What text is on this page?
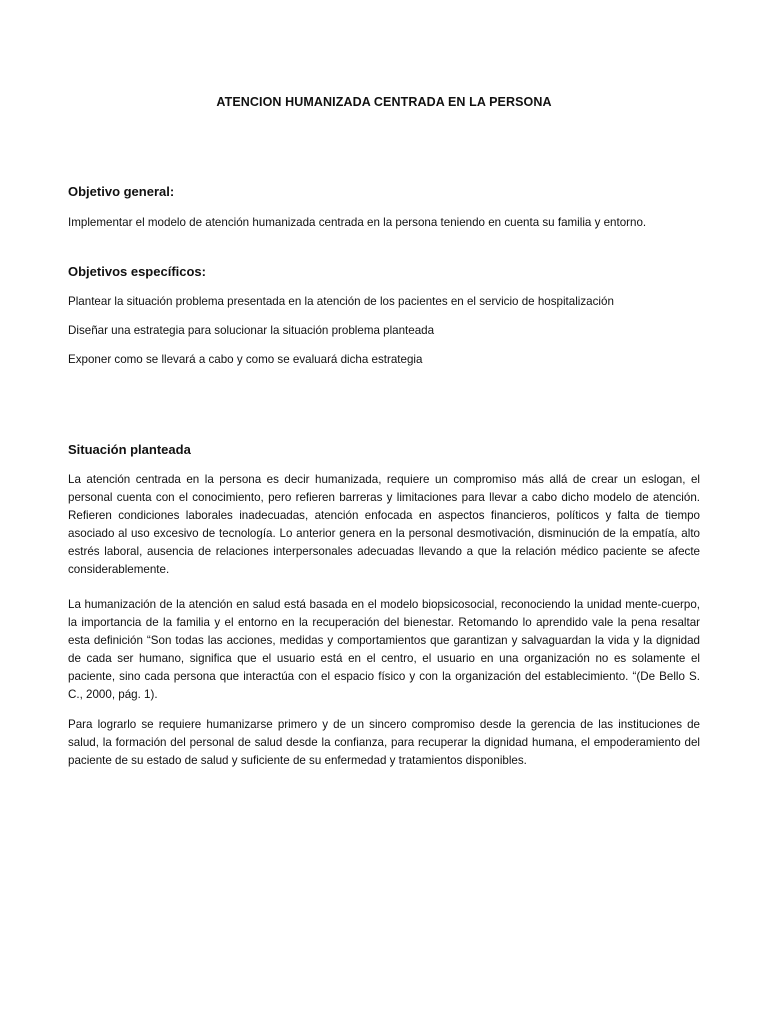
ATENCION HUMANIZADA CENTRADA EN LA PERSONA

Objetivo general:

Implementar el modelo de atención humanizada centrada en la persona teniendo en cuenta su familia y entorno.

Objetivos específicos:

Plantear la situación problema presentada en la atención de los pacientes en el servicio de hospitalización

Diseñar una estrategia para solucionar la situación problema planteada

Exponer como se llevará a cabo y como se evaluará dicha estrategia

Situación planteada

La atención centrada en la persona es decir humanizada, requiere un compromiso más allá de crear un eslogan, el personal cuenta con el conocimiento, pero refieren barreras y limitaciones para llevar a cabo dicho modelo de atención. Refieren condiciones laborales inadecuadas, atención enfocada en aspectos financieros, políticos y falta de tiempo asociado al uso excesivo de tecnología. Lo anterior genera en la personal desmotivación, disminución de la empatía, alto estrés laboral, ausencia de relaciones interpersonales adecuadas llevando a que la relación médico paciente se afecte considerablemente.

La humanización de la atención en salud está basada en el modelo biopsicosocial, reconociendo la unidad mente-cuerpo, la importancia de la familia y el entorno en la recuperación del bienestar. Retomando lo aprendido vale la pena resaltar esta definición “Son todas las acciones, medidas y comportamientos que garantizan y salvaguardan la vida y la dignidad de cada ser humano, significa que el usuario está en el centro, el usuario en una organización no es solamente el paciente, sino cada persona que interactúa con el espacio físico y con la organización del establecimiento. “(De Bello S. C., 2000, pág. 1).

Para lograrlo se requiere humanizarse primero y de un sincero compromiso desde la gerencia de las instituciones de salud, la formación del personal de salud desde la confianza, para recuperar la dignidad humana, el empoderamiento del paciente de su estado de salud y suficiente de su enfermedad y tratamientos disponibles.
